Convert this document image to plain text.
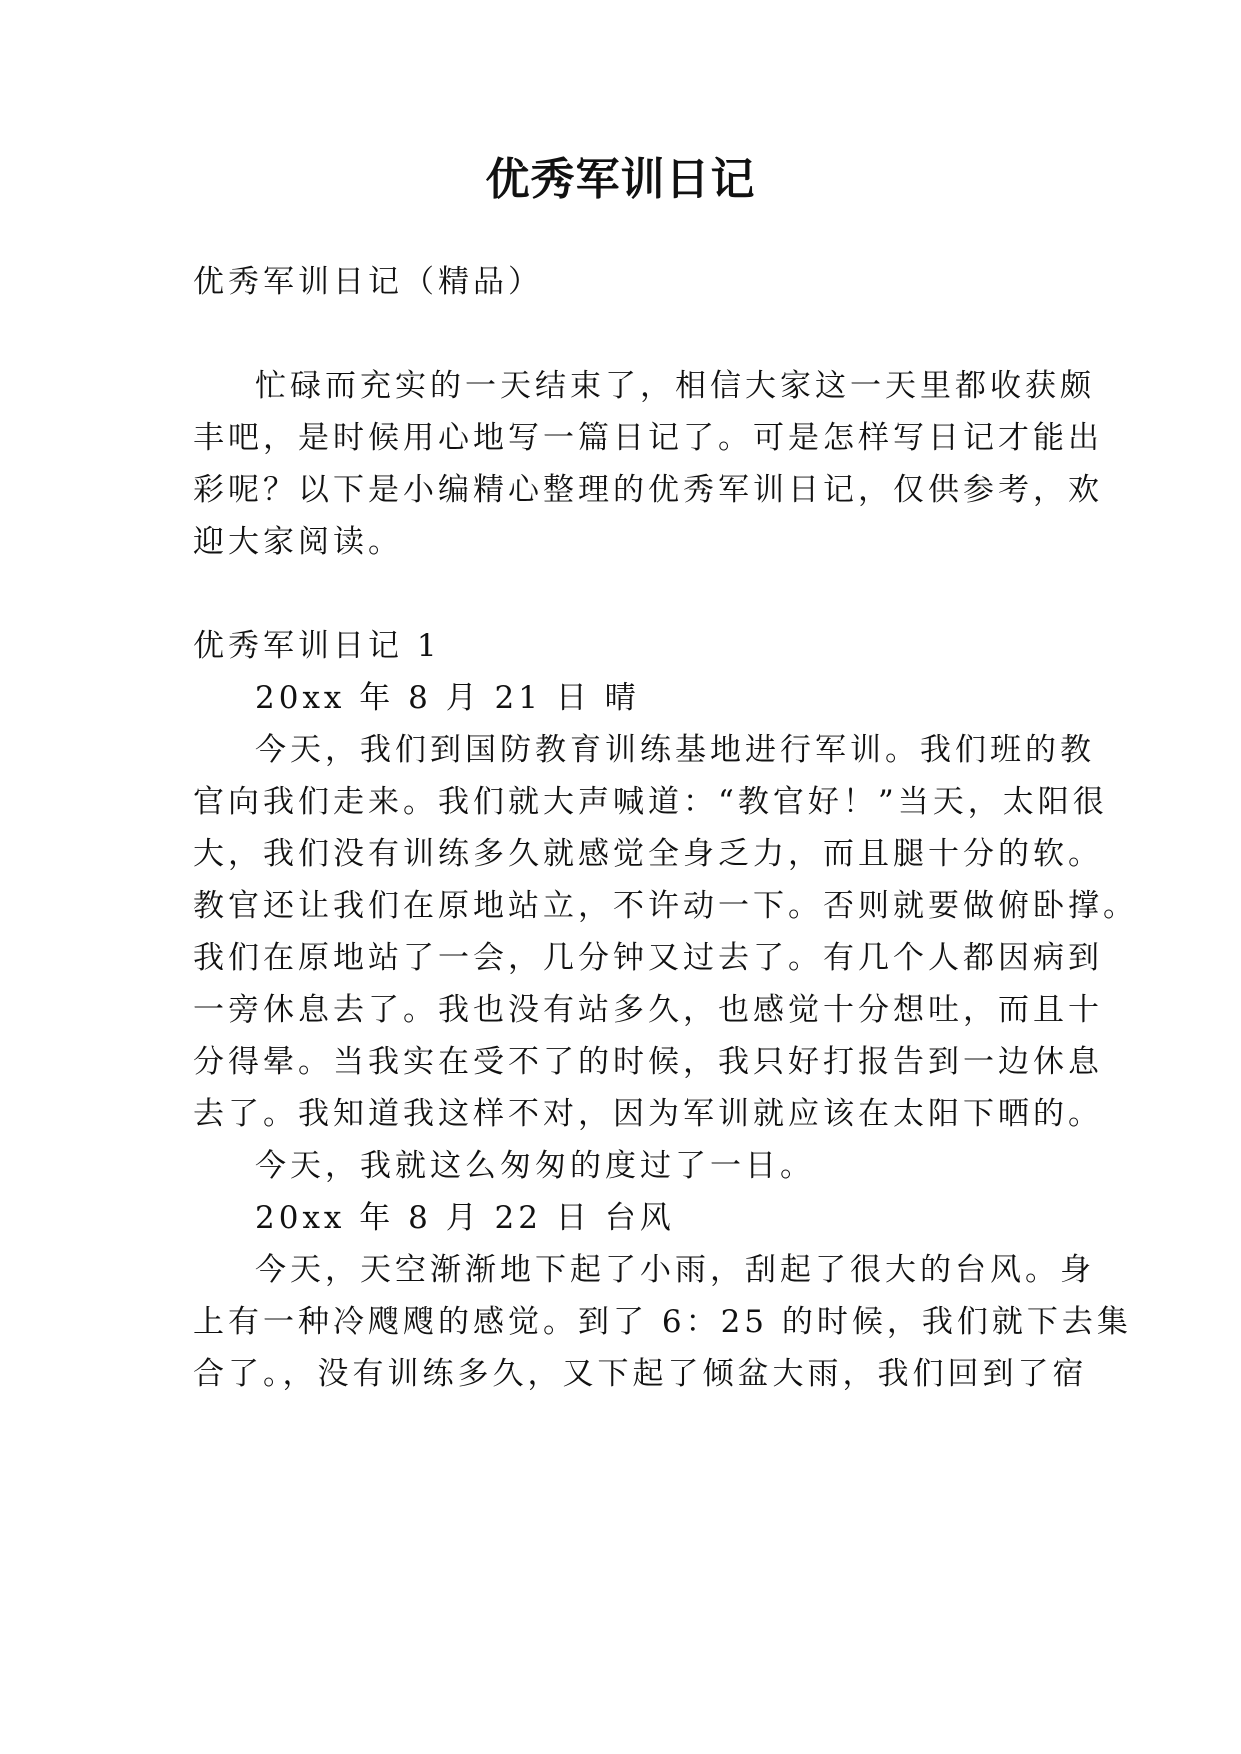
优秀军训日记

优秀军训日记（精品）

忙碌而充实的一天结束了，相信大家这一天里都收获颇

丰吧，是时候用心地写一篇日记了。可是怎样写日记才能出

彩呢？以下是小编精心整理的优秀军训日记，仅供参考，欢

迎大家阅读。

优秀军训日记 1

20xx 年 8 月 21 日 晴

今天，我们到国防教育训练基地进行军训。我们班的教

官向我们走来。我们就大声喊道：“教官好！”当天，太阳很

大，我们没有训练多久就感觉全身乏力，而且腿十分的软。

教官还让我们在原地站立，不许动一下。否则就要做俯卧撑。

我们在原地站了一会，几分钟又过去了。有几个人都因病到

一旁休息去了。我也没有站多久，也感觉十分想吐，而且十

分得晕。当我实在受不了的时候，我只好打报告到一边休息

去了。我知道我这样不对，因为军训就应该在太阳下晒的。

今天，我就这么匆匆的度过了一日。

20xx 年 8 月 22 日 台风

今天，天空渐渐地下起了小雨，刮起了很大的台风。身

上有一种冷飕飕的感觉。到了 6：25 的时候，我们就下去集

合了。，没有训练多久，又下起了倾盆大雨，我们回到了宿
